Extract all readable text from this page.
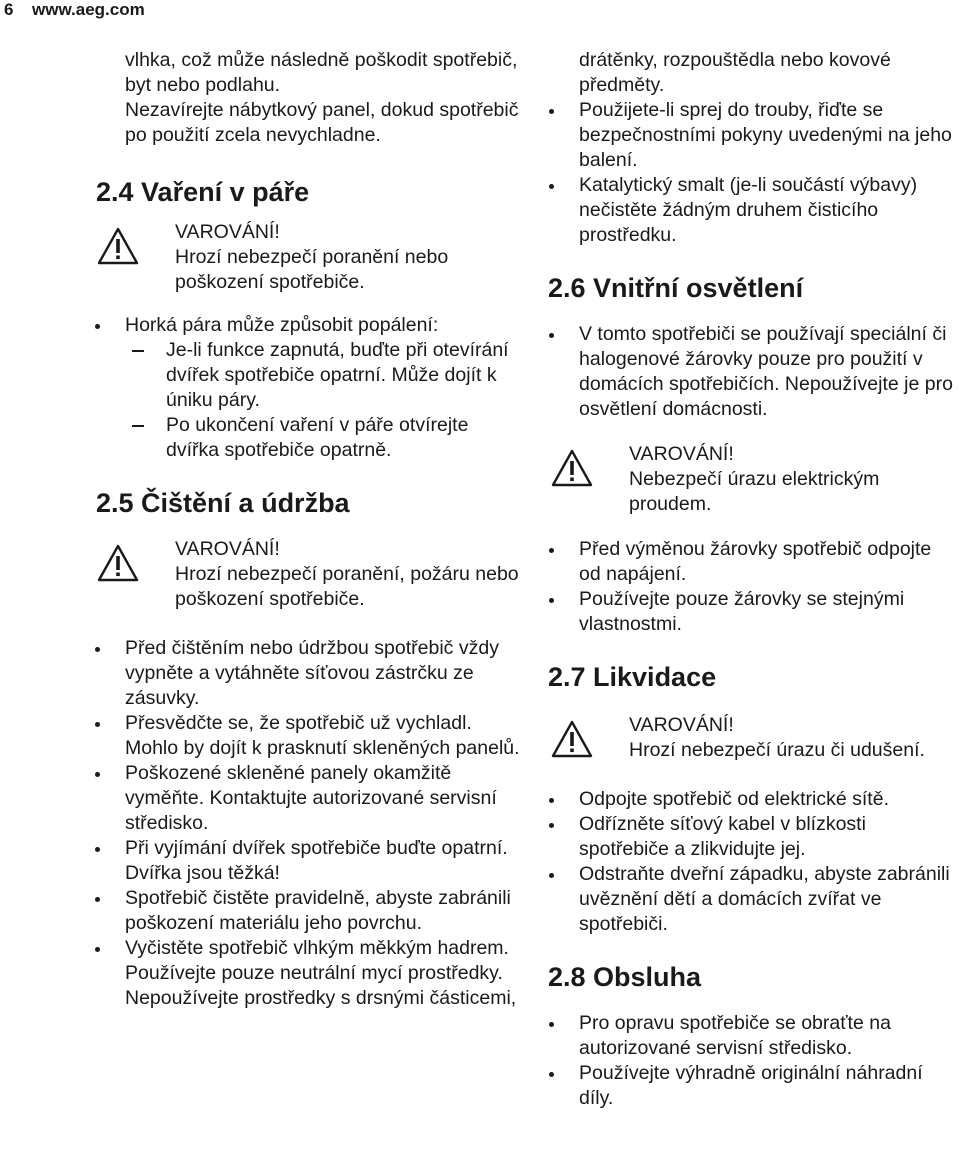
6 www.aeg.com

vlhka, což může následně poškodit spotřebič, byt nebo podlahu.

Nezavírejte nábytkový panel, dokud spotřebič po použití zcela nevychladne.

2.4 Vaření v páře

VAROVÁNÍ!

Hrozí nebezpečí poranění nebo poškození spotřebiče.

Horká pára může způsobit popálení:
Je-li funkce zapnutá, buďte při otevírání dvířek spotřebiče opatrní. Může dojít k úniku páry.
Po ukončení vaření v páře otvírejte dvířka spotřebiče opatrně.
2.5 Čištění a údržba

VAROVÁNÍ!

Hrozí nebezpečí poranění, požáru nebo poškození spotřebiče.

Před čištěním nebo údržbou spotřebič vždy vypněte a vytáhněte síťovou zástrčku ze zásuvky.
Přesvědčte se, že spotřebič už vychladl. Mohlo by dojít k prasknutí skleněných panelů.
Poškozené skleněné panely okamžitě vyměňte. Kontaktujte autorizované servisní středisko.
Při vyjímání dvířek spotřebiče buďte opatrní. Dvířka jsou těžká!
Spotřebič čistěte pravidelně, abyste zabránili poškození materiálu jeho povrchu.
Vyčistěte spotřebič vlhkým měkkým hadrem. Používejte pouze neutrální mycí prostředky. Nepoužívejte prostředky s drsnými částicemi,

drátěnky, rozpouštědla nebo kovové předměty.

Použijete-li sprej do trouby, řiďte se bezpečnostními pokyny uvedenými na jeho balení.
Katalytický smalt (je-li součástí výbavy) nečistěte žádným druhem čisticího prostředku.
2.6 Vnitřní osvětlení
V tomto spotřebiči se používají speciální či halogenové žárovky pouze pro použití v domácích spotřebičích. Nepoužívejte je pro osvětlení domácnosti.

VAROVÁNÍ!

Nebezpečí úrazu elektrickým proudem.

Před výměnou žárovky spotřebič odpojte od napájení.
Používejte pouze žárovky se stejnými vlastnostmi.
2.7 Likvidace

VAROVÁNÍ!

Hrozí nebezpečí úrazu či udušení.

Odpojte spotřebič od elektrické sítě.
Odřízněte síťový kabel v blízkosti spotřebiče a zlikvidujte jej.
Odstraňte dveřní západku, abyste zabránili uvěznění dětí a domácích zvířat ve spotřebiči.
2.8 Obsluha
Pro opravu spotřebiče se obraťte na autorizované servisní středisko.
Používejte výhradně originální náhradní díly.
